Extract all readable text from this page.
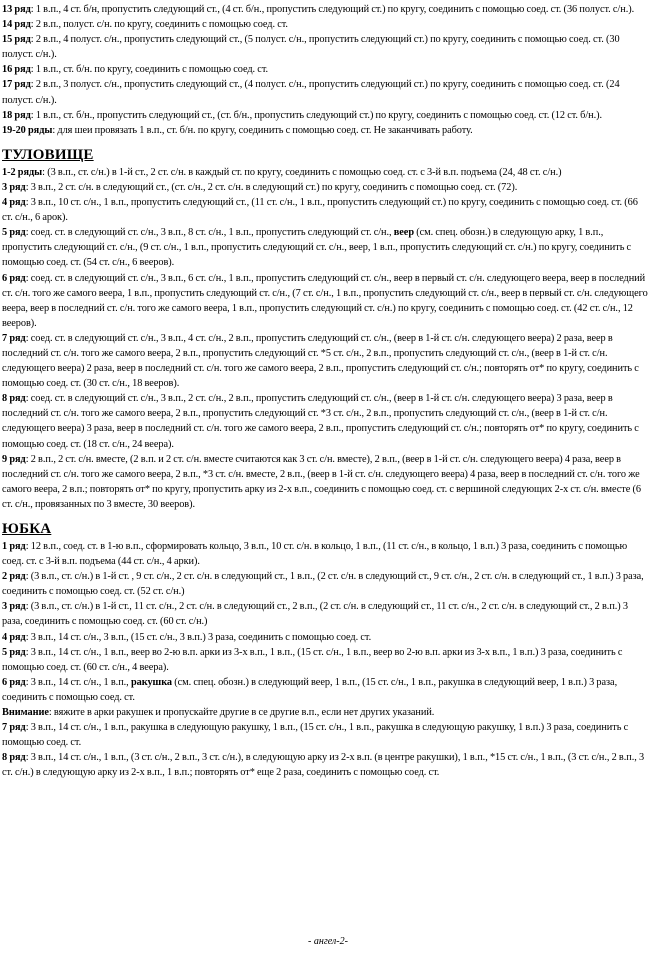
13 ряд: 1 в.п., 4 ст. б/н, пропустить следующий ст., (4 ст. б/н., пропустить следующий ст.) по кругу, соединить с помощью соед. ст. (36 полуст. с/н.).

14 ряд: 2 в.п., полуст. с/н. по кругу, соединить с помощью соед. ст.

15 ряд: 2 в.п., 4 полуст. с/н., пропустить следующий ст., (5 полуст. с/н., пропустить следующий ст.) по кругу, соединить с помощью соед. ст. (30 полуст. с/н.).

16 ряд: 1 в.п., ст. б/н. по кругу, соединить с помощью соед. ст.

17 ряд: 2 в.п., 3 полуст. с/н., пропустить следующий ст., (4 полуст. с/н., пропустить следующий ст.) по кругу, соединить с помощью соед. ст. (24 полуст. с/н.).

18 ряд: 1 в.п., ст. б/н., пропустить следующий ст., (ст. б/н., пропустить следующий ст.) по кругу, соединить с помощью соед. ст. (12 ст. б/н.).

19-20 ряды: для шеи провязать 1 в.п., ст. б/н. по кругу, соединить с помощью соед. ст. Не заканчивать работу.

ТУЛОВИЩЕ

1-2 ряды: (3 в.п., ст. с/н.) в 1-й ст., 2 ст. с/н. в каждый ст. по кругу, соединить с помощью соед. ст. с 3-й в.п. подъема (24, 48 ст. с/н.)

3 ряд: 3 в.п., 2 ст. с/н. в следующий ст., (ст. с/н., 2 ст. с/н. в следующий ст.) по кругу, соединить с помощью соед. ст. (72).

4 ряд: 3 в.п., 10 ст. с/н., 1 в.п., пропустить следующий ст., (11 ст. с/н., 1 в.п., пропустить следующий ст.) по кругу, соединить с помощью соед. ст. (66 ст. с/н., 6 арок).

5 ряд: соед. ст. в следующий ст. с/н., 3 в.п., 8 ст. с/н., 1 в.п., пропустить следующий ст. с/н., веер (см. спец. обозн.) в следующую арку, 1 в.п., пропустить следующий ст. с/н., (9 ст. с/н., 1 в.п., пропустить следующий ст. с/н., веер, 1 в.п., пропустить следующий ст. с/н.) по кругу, соединить с помощью соед. ст. (54 ст. с/н., 6 вееров).

6 ряд: соед. ст. в следующий ст. с/н., 3 в.п., 6 ст. с/н., 1 в.п., пропустить следующий ст. с/н., веер в первый ст. с/н. следующего веера, веер в последний ст. с/н. того же самого веера, 1 в.п., пропустить следующий ст. с/н., (7 ст. с/н., 1 в.п., пропустить следующий ст. с/н., веер в первый ст. с/н. следующего веера, веер в последний ст. с/н. того же самого веера, 1 в.п., пропустить следующий ст. с/н.) по кругу, соединить с помощью соед. ст. (42 ст. с/н., 12 вееров).

7 ряд: соед. ст. в следующий ст. с/н., 3 в.п., 4 ст. с/н., 2 в.п., пропустить следующий ст. с/н., (веер в 1-й ст. с/н. следующего веера) 2 раза, веер в последний ст. с/н. того же самого веера, 2 в.п., пропустить следующий ст. *5 ст. с/н., 2 в.п., пропустить следующий ст. с/н., (веер в 1-й ст. с/н. следующего веера) 2 раза, веер в последний ст. с/н. того же самого веера, 2 в.п., пропустить следующий ст. с/н.; повторять от* по кругу, соединить с помощью соед. ст. (30 ст. с/н., 18 вееров).

8 ряд: соед. ст. в следующий ст. с/н., 3 в.п., 2 ст. с/н., 2 в.п., пропустить следующий ст. с/н., (веер в 1-й ст. с/н. следующего веера) 3 раза, веер в последний ст. с/н. того же самого веера, 2 в.п., пропустить следующий ст. *3 ст. с/н., 2 в.п., пропустить следующий ст. с/н., (веер в 1-й ст. с/н. следующего веера) 3 раза, веер в последний ст. с/н. того же самого веера, 2 в.п., пропустить следующий ст. с/н.; повторять от* по кругу, соединить с помощью соед. ст. (18 ст. с/н., 24 веера).

9 ряд: 2 в.п., 2 ст. с/н. вместе, (2 в.п. и 2 ст. с/н. вместе считаются как 3 ст. с/н. вместе), 2 в.п., (веер в 1-й ст. с/н. следующего веера) 4 раза, веер в последний ст. с/н. того же самого веера, 2 в.п., *3 ст. с/н. вместе, 2 в.п., (веер в 1-й ст. с/н. следующего веера) 4 раза, веер в последний ст. с/н. того же самого веера, 2 в.п.; повторять от* по кругу, пропустить арку из 2-х в.п., соединить с помощью соед. ст. с вершиной следующих 2-х ст. с/н. вместе (6 ст. с/н., провязанных по 3 вместе, 30 вееров).

ЮБКА

1 ряд: 12 в.п., соед. ст. в 1-ю в.п., сформировать кольцо, 3 в.п., 10 ст. с/н. в кольцо, 1 в.п., (11 ст. с/н., в кольцо, 1 в.п.) 3 раза, соединить с помощью соед. ст. с 3-й в.п. подъема (44 ст. с/н., 4 арки).

2 ряд: (3 в.п., ст. с/н.) в 1-й ст. , 9 ст. с/н., 2 ст. с/н. в следующий ст., 1 в.п., (2 ст. с/н. в следующий ст., 9 ст. с/н., 2 ст. с/н. в следующий ст., 1 в.п.) 3 раза, соединить с помощью соед. ст. (52 ст. с/н.)

3 ряд: (3 в.п., ст. с/н.) в 1-й ст., 11 ст. с/н., 2 ст. с/н. в следующий ст., 2 в.п., (2 ст. с/н. в следующий ст., 11 ст. с/н., 2 ст. с/н. в следующий ст., 2 в.п.) 3 раза, соединить с помощью соед. ст. (60 ст. с/н.)

4 ряд: 3 в.п., 14 ст. с/н., 3 в.п., (15 ст. с/н., 3 в.п.) 3 раза, соединить с помощью соед. ст.

5 ряд: 3 в.п., 14 ст. с/н., 1 в.п., веер во 2-ю в.п. арки из 3-х в.п., 1 в.п., (15 ст. с/н., 1 в.п., веер во 2-ю в.п. арки из 3-х в.п., 1 в.п.) 3 раза, соединить с помощью соед. ст. (60 ст. с/н., 4 веера).

6 ряд: 3 в.п., 14 ст. с/н., 1 в.п., ракушка (см. спец. обозн.) в следующий веер, 1 в.п., (15 ст. с/н., 1 в.п., ракушка в следующий веер, 1 в.п.) 3 раза, соединить с помощью соед. ст.

Внимание: вяжите в арки ракушек и пропускайте другие в се другие в.п., если нет других указаний.

7 ряд: 3 в.п., 14 ст. с/н., 1 в.п., ракушка в следующую ракушку, 1 в.п., (15 ст. с/н., 1 в.п., ракушка в следующую ракушку, 1 в.п.) 3 раза, соединить с помощью соед. ст.

8 ряд: 3 в.п., 14 ст. с/н., 1 в.п., (3 ст. с/н., 2 в.п., 3 ст. с/н.), в следующую арку из 2-х в.п. (в центре ракушки), 1 в.п., *15 ст. с/н., 1 в.п., (3 ст. с/н., 2 в.п., 3 ст. с/н.) в следующую арку из 2-х в.п., 1 в.п.; повторять от* еще 2 раза, соединить с помощью соед. ст.

- ангел-2-
